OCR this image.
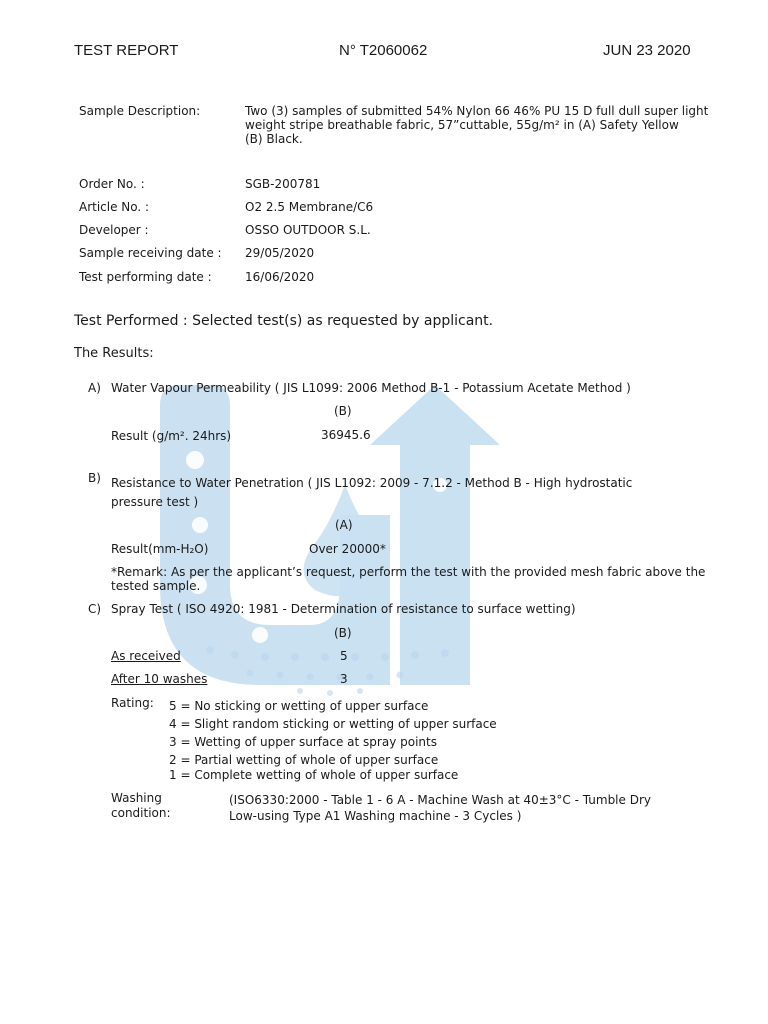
TEST REPORT	N° T2060062	JUN 23 2020
Sample Description:	Two (3) samples of submitted 54% Nylon 66 46% PU 15 D full dull super light
weight stripe breathable fabric, 57”cuttable, 55g/m² in (A) Safety Yellow
(B) Black.
Order No. :	SGB-200781
Article No. :	O2 2.5 Membrane/C6
Developer :	OSSO OUTDOOR S.L.
Sample receiving date : 29/05/2020
Test performing date :	16/06/2020
Test Performed : Selected test(s) as requested by applicant.
The Results:
A) Water Vapour Permeability ( JIS L1099: 2006 Method B-1 - Potassium Acetate Method )
(B)
Result (g/m². 24hrs)	36945.6
B) Resistance to Water Penetration ( JIS L1092: 2009 - 7.1.2 - Method B - High hydrostatic
pressure test )
(A)
Result(mm-H₂O)	Over 20000*
*Remark: As per the applicant’s request, perform the test with the provided mesh fabric above the
tested sample.
C) Spray Test ( ISO 4920: 1981 - Determination of resistance to surface wetting)
(B)
As received	5
After 10 washes	3
Rating: 5 = No sticking or wetting of upper surface
4 = Slight random sticking or wetting of upper surface
3 = Wetting of upper surface at spray points
2 = Partial wetting of whole of upper surface
1 = Complete wetting of whole of upper surface
Washing
condition:
(ISO6330:2000 - Table 1 - 6 A - Machine Wash at 40±3°C - Tumble Dry
Low-using Type A1 Washing machine - 3 Cycles )
